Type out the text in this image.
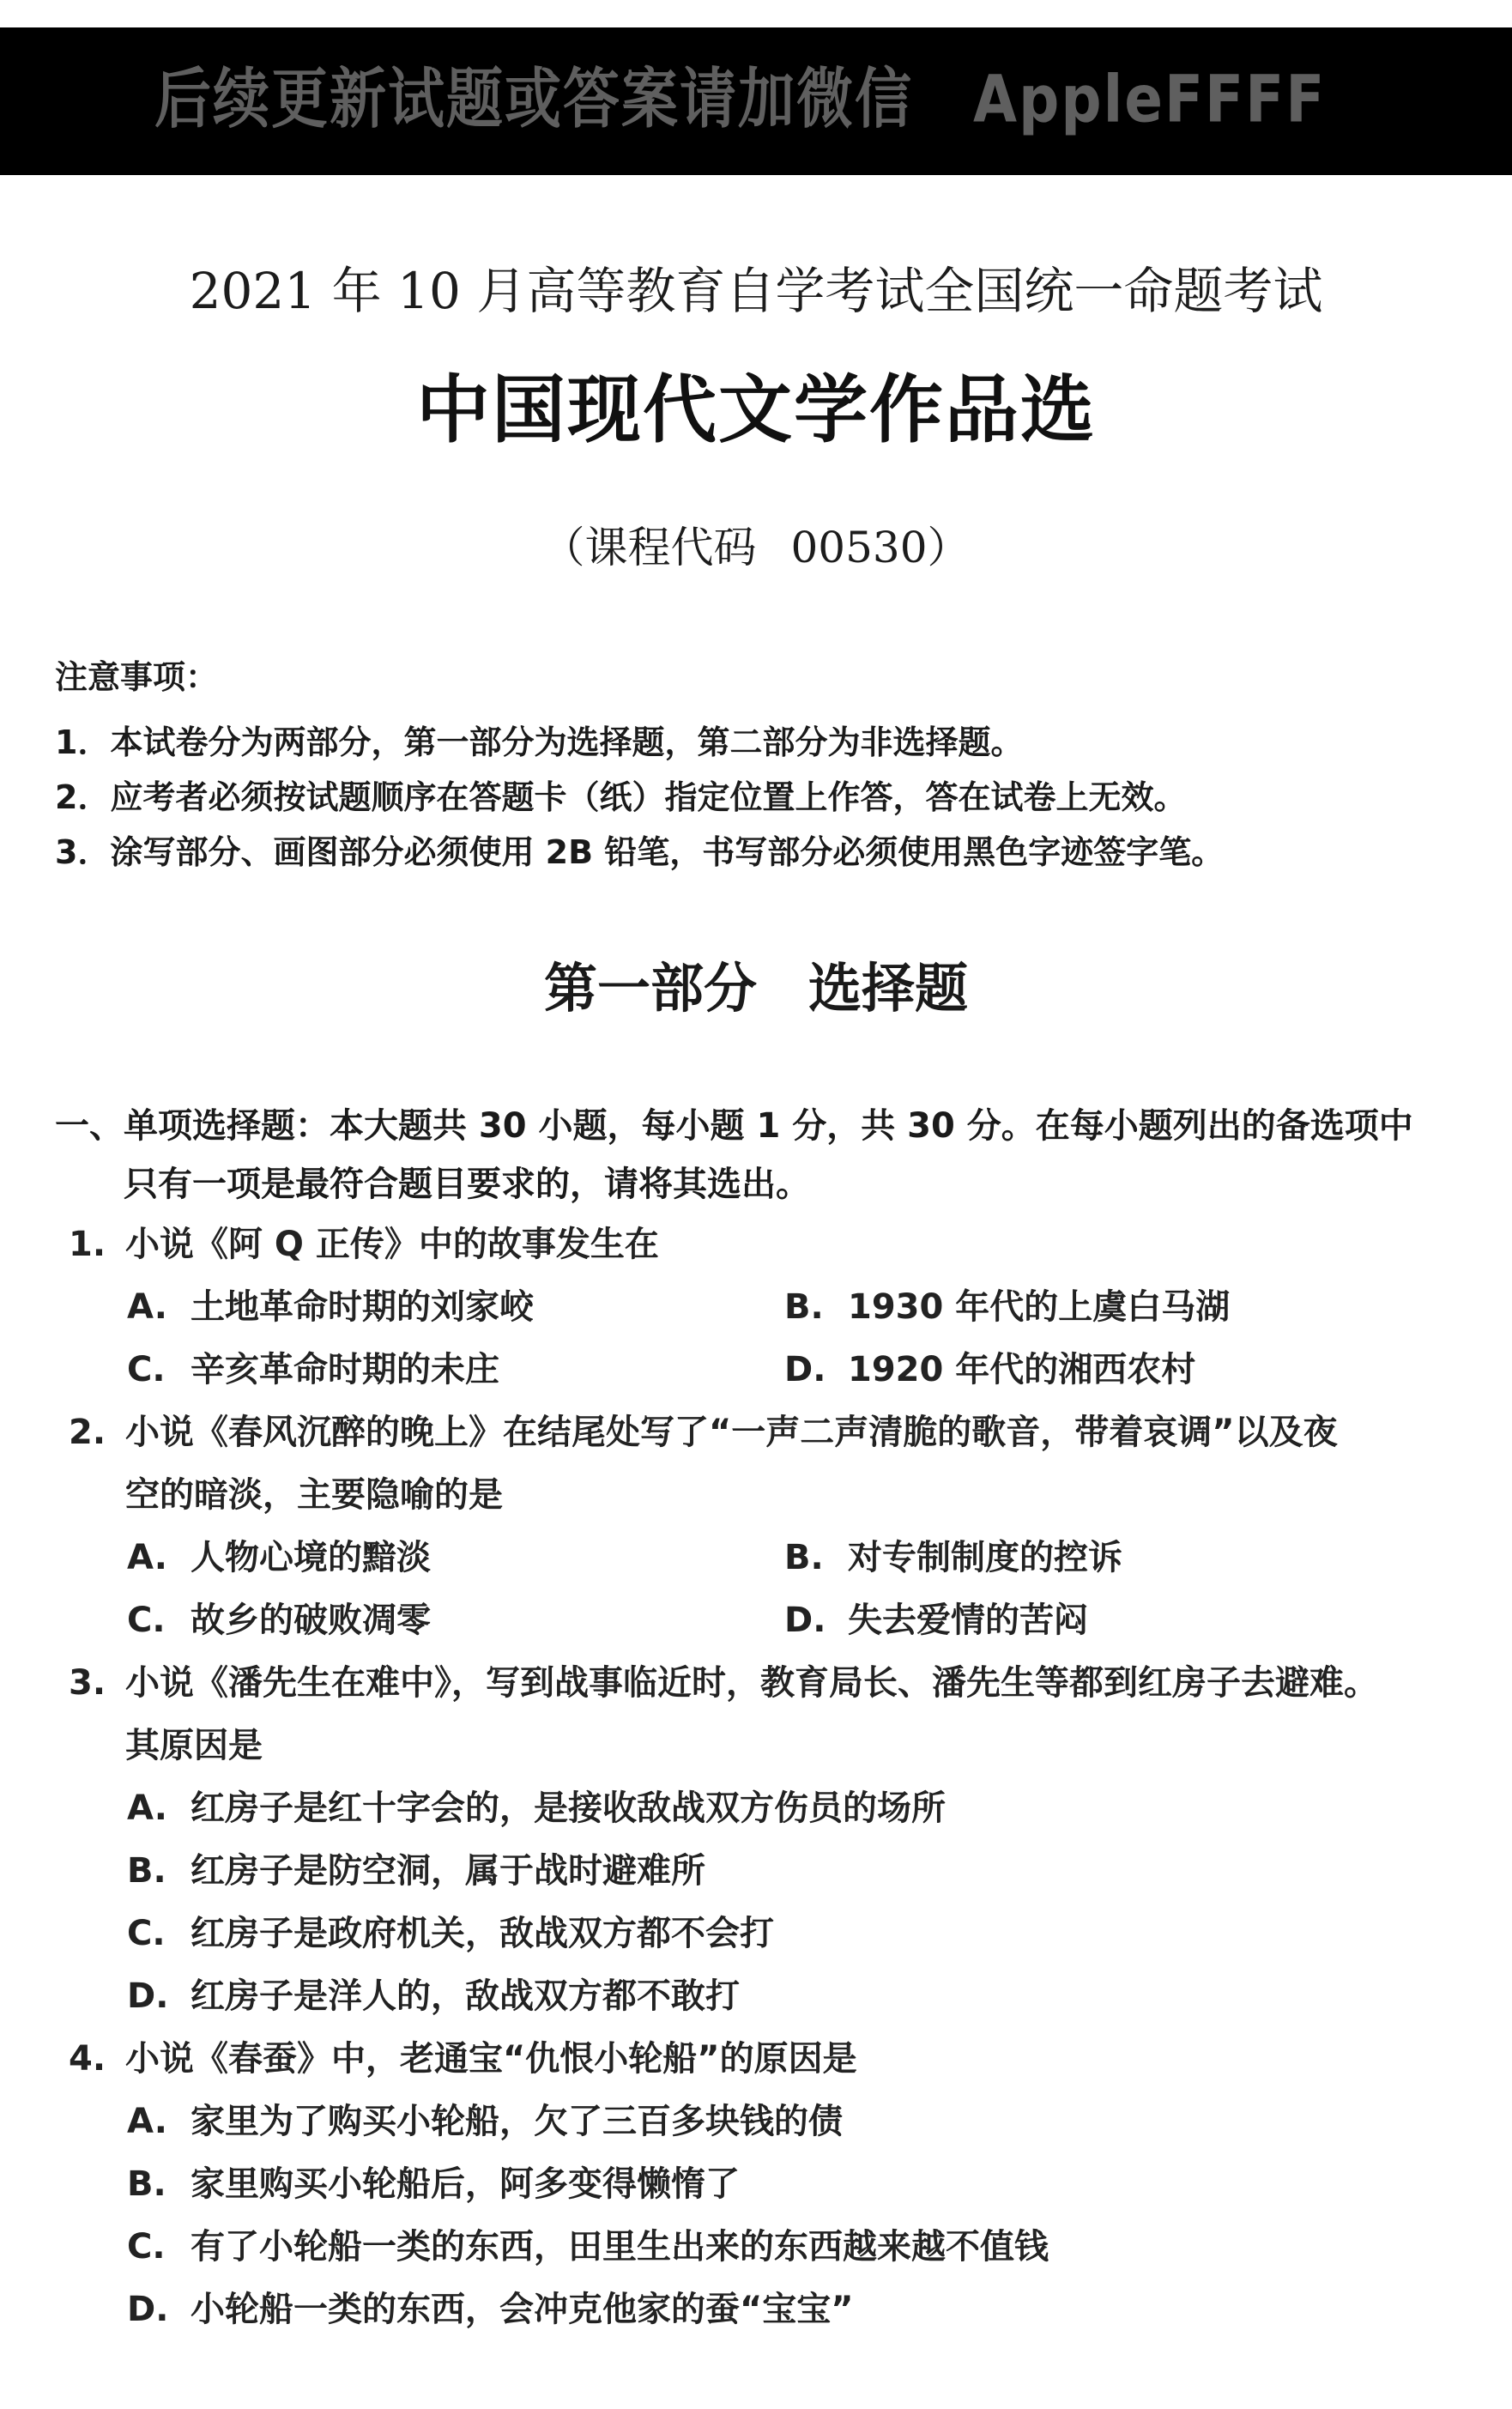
后续更新试题或答案请加微信 AppleFFFF
2021 年 10 月高等教育自学考试全国统一命题考试
中国现代文学作品选
（课程代码 00530）
注意事项：
1．本试卷分为两部分，第一部分为选择题，第二部分为非选择题。
2．应考者必须按试题顺序在答题卡（纸）指定位置上作答，答在试卷上无效。
3．涂写部分、画图部分必须使用 2B 铅笔，书写部分必须使用黑色字迹签字笔。
第一部分 选择题
一、单项选择题：本大题共 30 小题，每小题 1 分，共 30 分。在每小题列出的备选项中
只有一项是最符合题目要求的，请将其选出。
1. 小说《阿 Q 正传》中的故事发生在
A. 土地革命时期的刘家峧	B. 1930 年代的上虞白马湖
C. 辛亥革命时期的未庄	D. 1920 年代的湘西农村
2. 小说《春风沉醉的晚上》在结尾处写了“一声二声清脆的歌音，带着哀调”以及夜
空的暗淡，主要隐喻的是
A. 人物心境的黯淡	B. 对专制制度的控诉
C. 故乡的破败凋零	D. 失去爱情的苦闷
3. 小说《潘先生在难中》，写到战事临近时，教育局长、潘先生等都到红房子去避难。
其原因是
A. 红房子是红十字会的，是接收敌战双方伤员的场所
B. 红房子是防空洞，属于战时避难所
C. 红房子是政府机关，敌战双方都不会打
D. 红房子是洋人的，敌战双方都不敢打
4. 小说《春蚕》中，老通宝“仇恨小轮船”的原因是
A. 家里为了购买小轮船，欠了三百多块钱的债
B. 家里购买小轮船后，阿多变得懒惰了
C. 有了小轮船一类的东西，田里生出来的东西越来越不值钱
D. 小轮船一类的东西，会冲克他家的蚕“宝宝”
